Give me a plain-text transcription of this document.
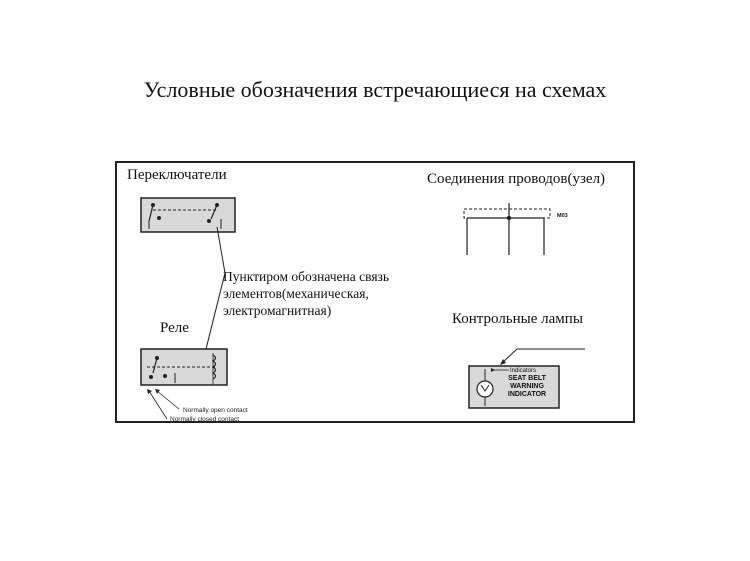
Условные обозначения встречающиеся на схемах
Переключатели	Соединения проводов(узел)
M03
Пунктиром обозначена связь элементов(механическая, электромагнитная)
Реле
Контрольные лампы
Normally open contact
Normally closed contact
Indicators
SEAT BELT WARNING INDICATOR
